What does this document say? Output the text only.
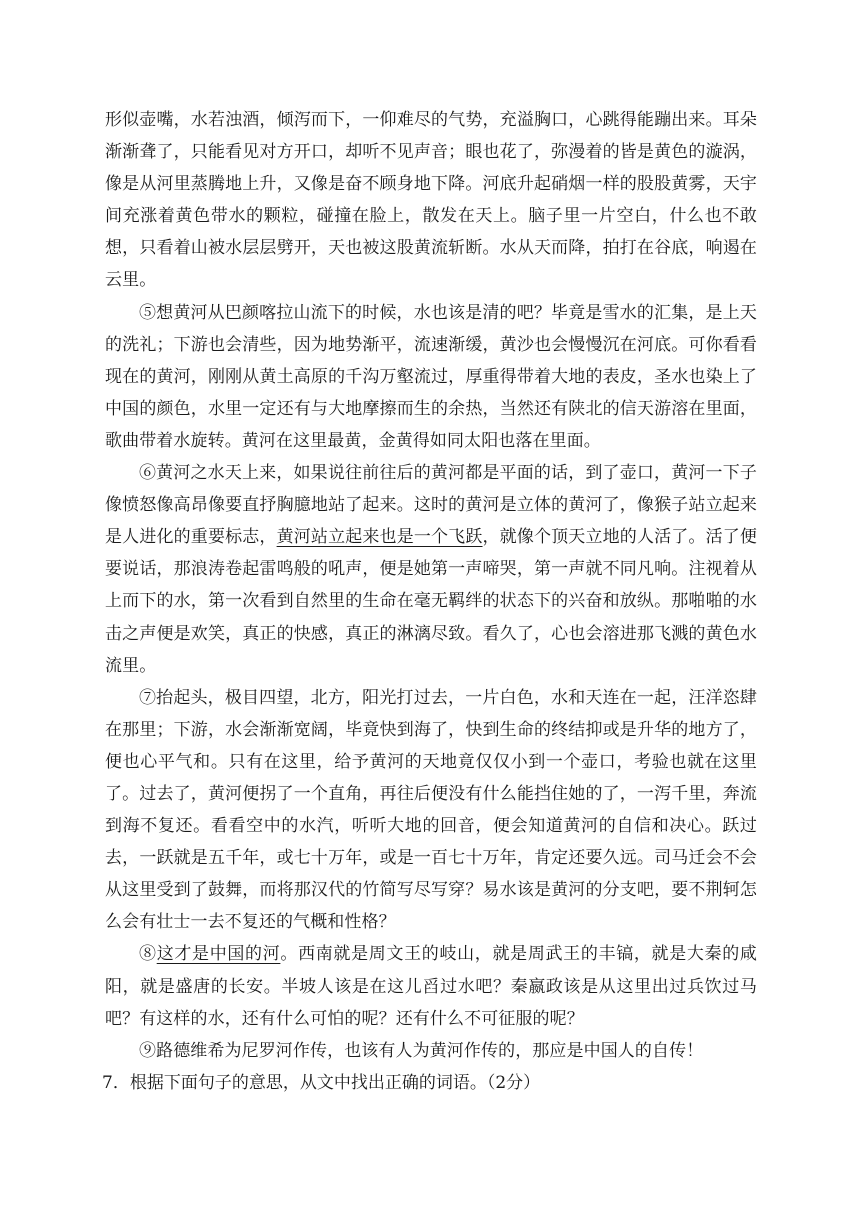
形似壶嘴，水若浊酒，倾泻而下，一仰难尽的气势，充溢胸口，心跳得能蹦出来。耳朵渐渐聋了，只能看见对方开口，却听不见声音；眼也花了，弥漫着的皆是黄色的漩涡，像是从河里蒸腾地上升，又像是奋不顾身地下降。河底升起硝烟一样的股股黄雾，天宇间充涨着黄色带水的颗粒，碰撞在脸上，散发在天上。脑子里一片空白，什么也不敢想，只看着山被水层层劈开，天也被这股黄流斩断。水从天而降，拍打在谷底，响遏在云里。

⑤想黄河从巴颜喀拉山流下的时候，水也该是清的吧？毕竟是雪水的汇集，是上天的洗礼；下游也会清些，因为地势渐平，流速渐缓，黄沙也会慢慢沉在河底。可你看看现在的黄河，刚刚从黄土高原的千沟万壑流过，厚重得带着大地的表皮，圣水也染上了中国的颜色，水里一定还有与大地摩擦而生的余热，当然还有陕北的信天游溶在里面，歌曲带着水旋转。黄河在这里最黄，金黄得如同太阳也落在里面。

⑥黄河之水天上来，如果说往前往后的黄河都是平面的话，到了壶口，黄河一下子像愤怒像高昂像要直抒胸臆地站了起来。这时的黄河是立体的黄河了，像猴子站立起来是人进化的重要标志，黄河站立起来也是一个飞跃，就像个顶天立地的人活了。活了便要说话，那浪涛卷起雷鸣般的吼声，便是她第一声啼哭，第一声就不同凡响。注视着从上而下的水，第一次看到自然里的生命在毫无羁绊的状态下的兴奋和放纵。那啪啪的水击之声便是欢笑，真正的快感，真正的淋漓尽致。看久了，心也会溶进那飞溅的黄色水流里。

⑦抬起头，极目四望，北方，阳光打过去，一片白色，水和天连在一起，汪洋恣肆在那里；下游，水会渐渐宽阔，毕竟快到海了，快到生命的终结抑或是升华的地方了，便也心平气和。只有在这里，给予黄河的天地竟仅仅小到一个壶口，考验也就在这里了。过去了，黄河便拐了一个直角，再往后便没有什么能挡住她的了，一泻千里，奔流到海不复还。看看空中的水汽，听听大地的回音，便会知道黄河的自信和决心。跃过去，一跃就是五千年，或七十万年，或是一百七十万年，肯定还要久远。司马迁会不会从这里受到了鼓舞，而将那汉代的竹简写尽写穿？易水该是黄河的分支吧，要不荆轲怎么会有壮士一去不复还的气概和性格？

⑧这才是中国的河。西南就是周文王的岐山，就是周武王的丰镐，就是大秦的咸阳，就是盛唐的长安。半坡人该是在这儿舀过水吧？秦嬴政该是从这里出过兵饮过马吧？有这样的水，还有什么可怕的呢？还有什么不可征服的呢？

⑨路德维希为尼罗河作传，也该有人为黄河作传的，那应是中国人的自传！

7．根据下面句子的意思，从文中找出正确的词语。（2分）
